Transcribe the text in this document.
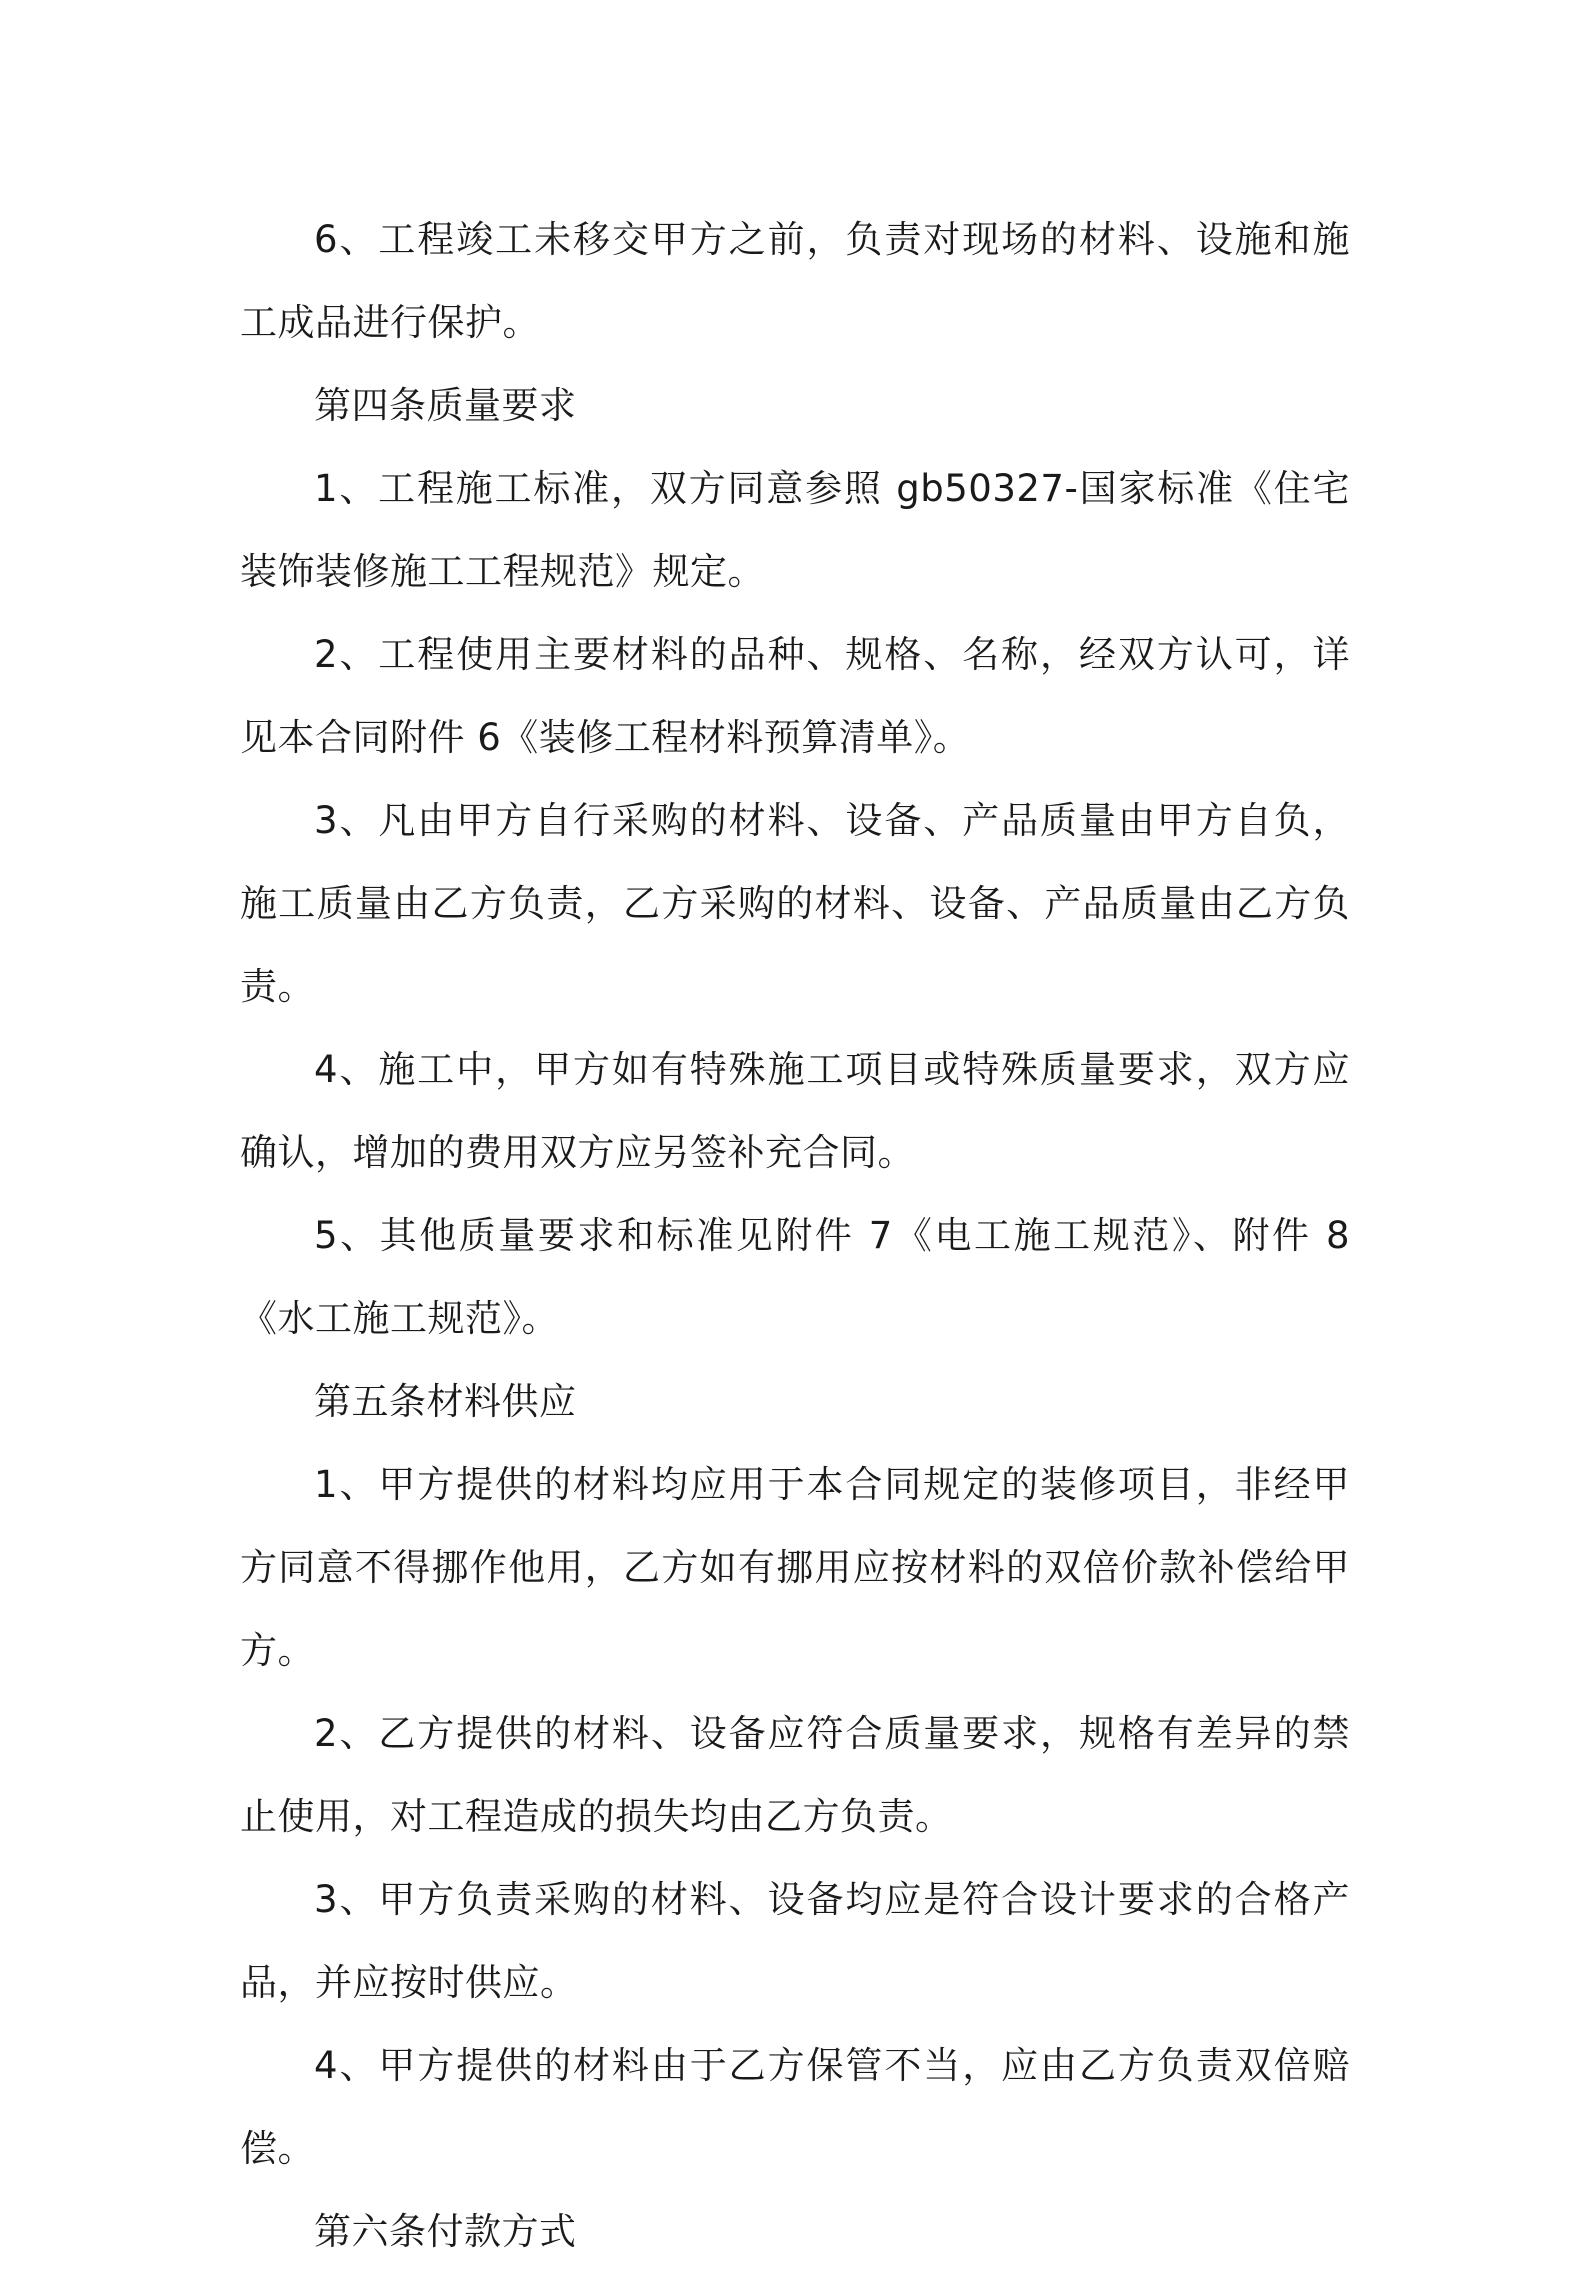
6、工程竣工未移交甲方之前，负责对现场的材料、设施和施工成品进行保护。

第四条质量要求

1、工程施工标准，双方同意参照 gb50327-国家标准《住宅装饰装修施工工程规范》规定。

2、工程使用主要材料的品种、规格、名称，经双方认可，详见本合同附件 6《装修工程材料预算清单》。

3、凡由甲方自行采购的材料、设备、产品质量由甲方自负，施工质量由乙方负责，乙方采购的材料、设备、产品质量由乙方负责。

4、施工中，甲方如有特殊施工项目或特殊质量要求，双方应确认，增加的费用双方应另签补充合同。

5、其他质量要求和标准见附件 7《电工施工规范》、附件 8《水工施工规范》。

第五条材料供应

1、甲方提供的材料均应用于本合同规定的装修项目，非经甲方同意不得挪作他用，乙方如有挪用应按材料的双倍价款补偿给甲方。

2、乙方提供的材料、设备应符合质量要求，规格有差异的禁止使用，对工程造成的损失均由乙方负责。

3、甲方负责采购的材料、设备均应是符合设计要求的合格产品，并应按时供应。

4、甲方提供的材料由于乙方保管不当，应由乙方负责双倍赔偿。

第六条付款方式
